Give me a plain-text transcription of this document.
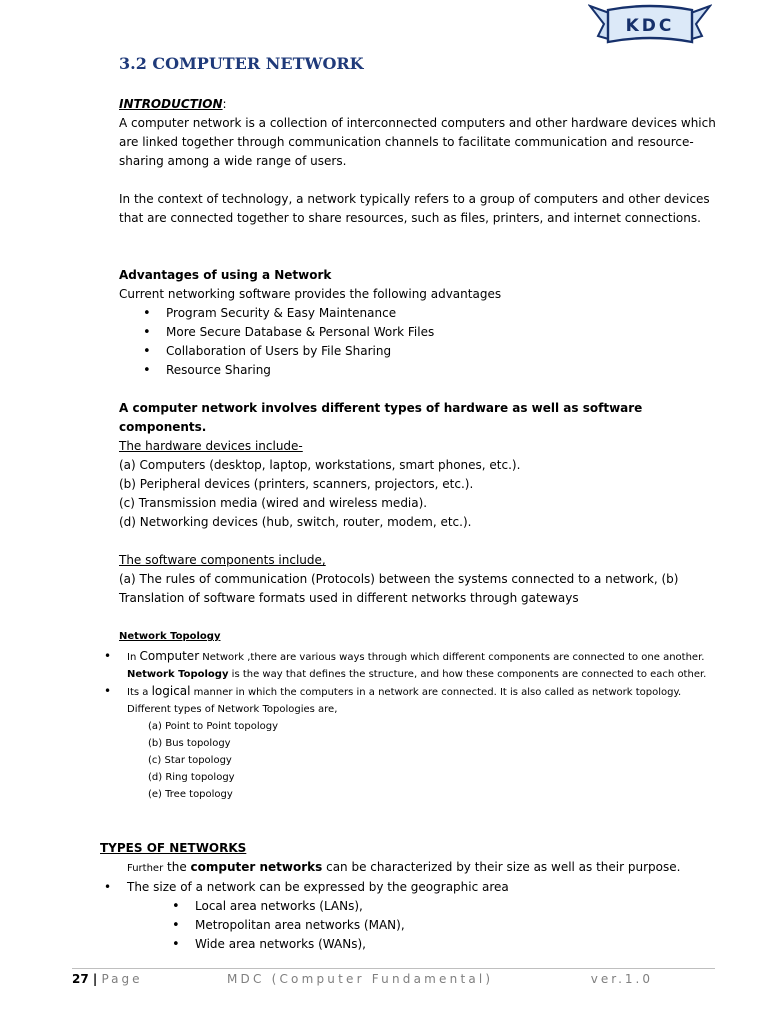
KDC
3.2 COMPUTER NETWORK

INTRODUCTION:

A computer network is a collection of interconnected computers and other hardware devices which are linked together through communication channels to facilitate communication and resource-sharing among a wide range of users.

In the context of technology, a network typically refers to a group of computers and other devices that are connected together to share resources, such as files, printers, and internet connections.

Advantages of using a Network

Current networking software provides the following advantages

• Program Security & Easy Maintenance
• More Secure Database & Personal Work Files
• Collaboration of Users by File Sharing
• Resource Sharing

A computer network involves different types of hardware as well as software components.

The hardware devices include-

(a) Computers (desktop, laptop, workstations, smart phones, etc.).

(b) Peripheral devices (printers, scanners, projectors, etc.).

(c) Transmission media (wired and wireless media).

(d) Networking devices (hub, switch, router, modem, etc.).

The software components include,

(a) The rules of communication (Protocols) between the systems connected to a network, (b) Translation of software formats used in different networks through gateways

Network Topology

• In Computer Network ,there are various ways through which different components are connected to one another. Network Topology is the way that defines the structure, and how these components are connected to each other.
• Its a logical manner in which the computers in a network are connected. It is also called as network topology. Different types of Network Topologies are,
(a) Point to Point topology
(b) Bus topology
(c) Star topology
(d) Ring topology
(e) Tree topology

TYPES OF NETWORKS

Further the computer networks can be characterized by their size as well as their purpose.

• The size of a network can be expressed by the geographic area
• Local area networks (LANs),
• Metropolitan area networks (MAN),
• Wide area networks (WANs),
27 | Page	MDC (Computer Fundamental)	ver.1.0
